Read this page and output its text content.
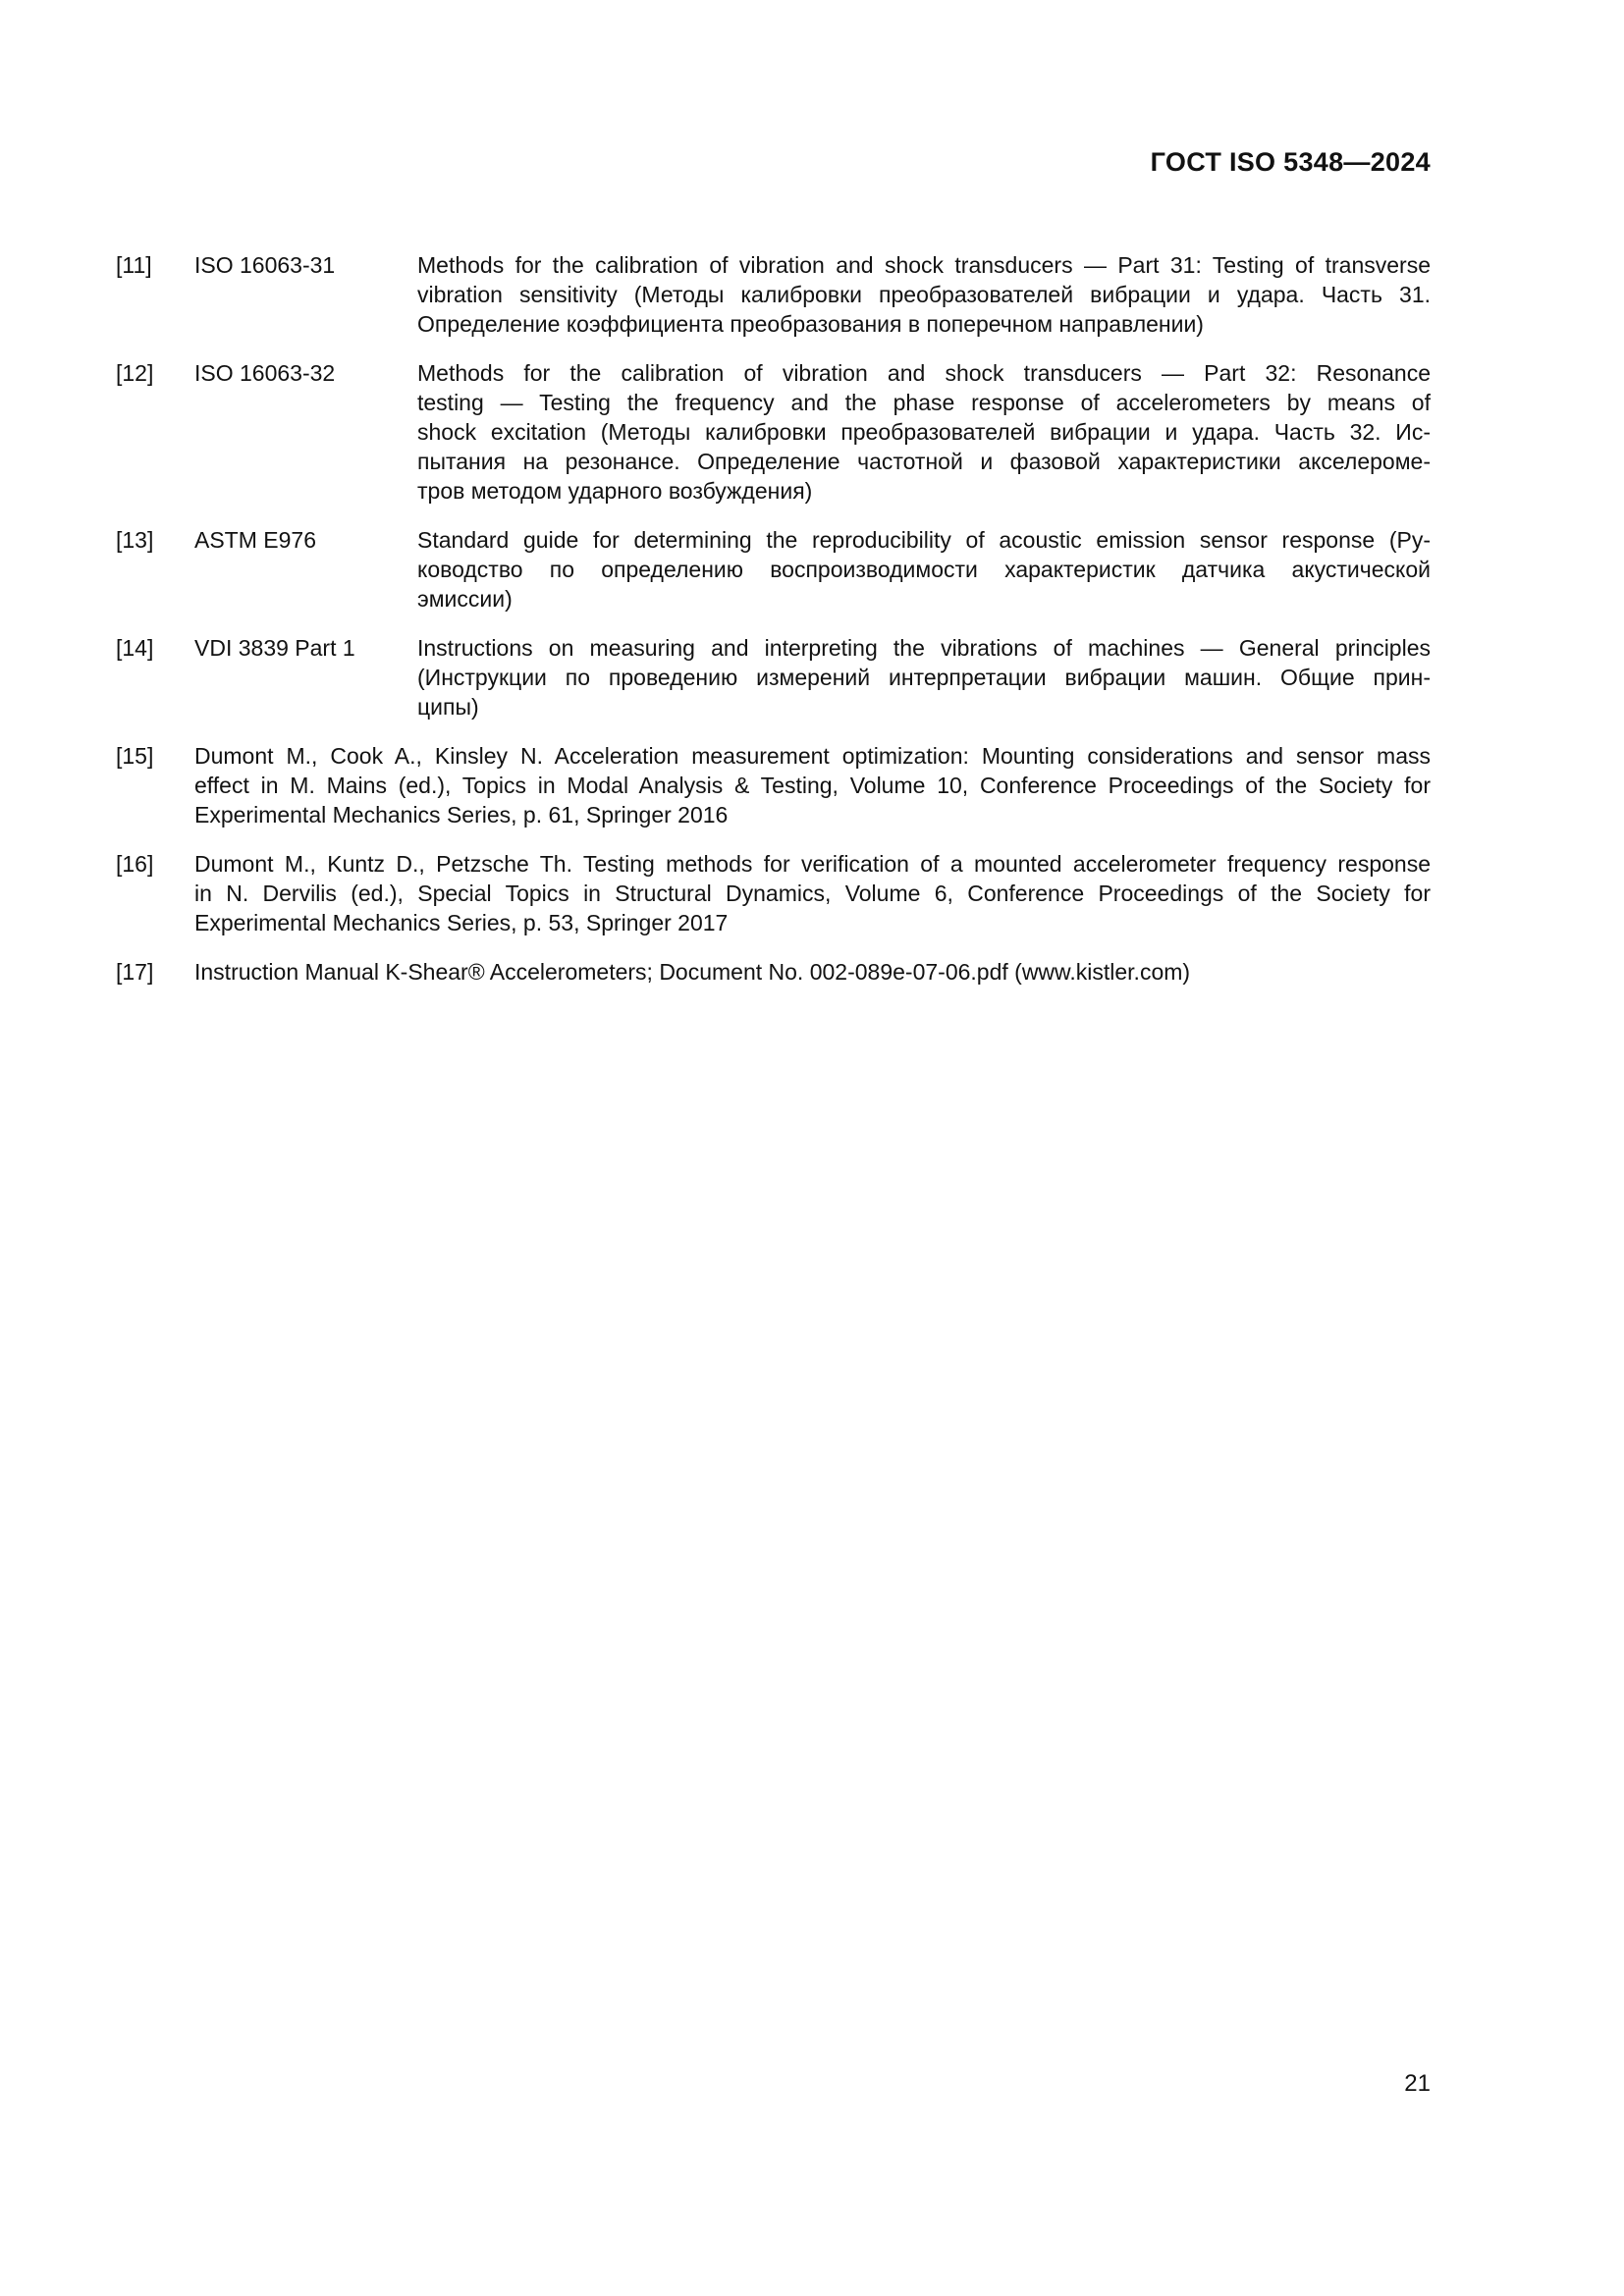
ГОСТ ISO 5348—2024
[11]	ISO 16063-31	Methods for the calibration of vibration and shock transducers — Part 31: Testing of transverse
vibration sensitivity (Методы калибровки преобразователей вибрации и удара. Часть 31.
Определение коэффициента преобразования в поперечном направлении)
[12]	ISO 16063-32	Methods for the calibration of vibration and shock transducers — Part 32: Resonance
testing — Testing the frequency and the phase response of accelerometers by means of
shock excitation (Методы калибровки преобразователей вибрации и удара. Часть 32. Ис-
пытания на резонансе. Определение частотной и фазовой характеристики акселероме-
тров методом ударного возбуждения)
[13]	ASTM E976	Standard guide for determining the reproducibility of acoustic emission sensor response (Ру-
ководство по определению воспроизводимости характеристик датчика акустической
эмиссии)
[14]	VDI 3839 Part 1	Instructions on measuring and interpreting the vibrations of machines — General principles
(Инструкции по проведению измерений интерпретации вибрации машин. Общие прин-
ципы)
[15]	Dumont M., Cook A., Kinsley N. Acceleration measurement optimization: Mounting considerations and sensor mass
effect in M. Mains (ed.), Topics in Modal Analysis & Testing, Volume 10, Conference Proceedings of the Society for
Experimental Mechanics Series, p. 61, Springer 2016
[16]	Dumont M., Kuntz D., Petzsche Th. Testing methods for verification of a mounted accelerometer frequency response
in N. Dervilis (ed.), Special Topics in Structural Dynamics, Volume 6, Conference Proceedings of the Society for
Experimental Mechanics Series, p. 53, Springer 2017
[17]	Instruction Manual K-Shear® Accelerometers; Document No. 002-089e-07-06.pdf (www.kistler.com)
21
